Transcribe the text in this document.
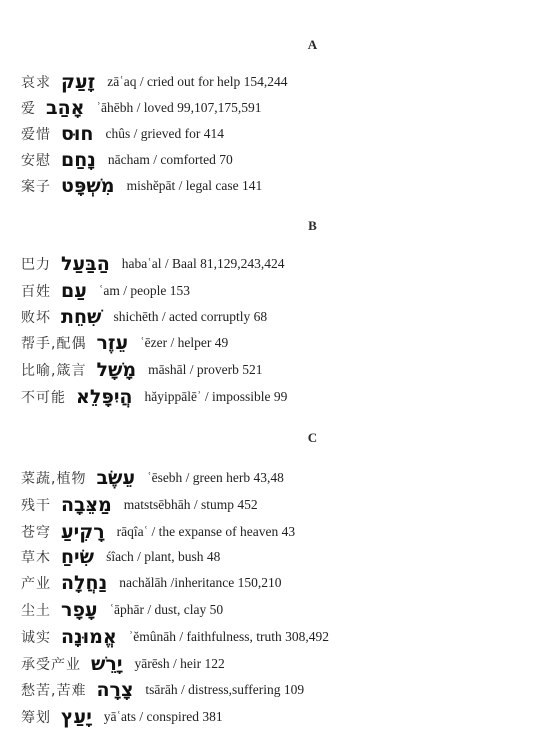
A
哀求 זָעַק zāʿaq / cried out for help 154,244
爱 אָהַב ʾāhēbh / loved 99,107,175,591
爱惜 חוּס chûs / grieved for 414
安慰 נָחַם nācham / comforted 70
案子 מִשְׁפָּט mishĕpāt / legal case 141
B
巴力 הַבַּעַל habaʿal / Baal 81,129,243,424
百姓 עַם ʿam / people 153
败坏 שִׁחֵת shichēth / acted corruptly 68
帮手,配偶 עֵזֶר ʿēzer / helper 49
比喻,箴言 מָשָׁל māshāl / proverb 521
不可能 הֲיִפָּלֵא hăyippālēʾ / impossible 99
C
菜蔬,植物 עֵשֶׂב ʿēsebh / green herb 43,48
残干 מַצֵּבָה matstsēbhāh / stump 452
苍穹 רָקִיעַ rāqîaʿ / the expanse of heaven 43
草木 שִׂיחַ śîach / plant, bush 48
产业 נַחֲלָה nachălāh /inheritance 150,210
尘土 עָפָר ʿāphār / dust, clay 50
诚实 אֱמוּנָה ʾĕmûnāh / faithfulness, truth 308,492
承受产业 יָרֵשׁ yārēsh / heir 122
愁苦,苦难 צָרָה tsārāh / distress,suffering 109
筹划 יָעַץ yāʿats / conspired 381
